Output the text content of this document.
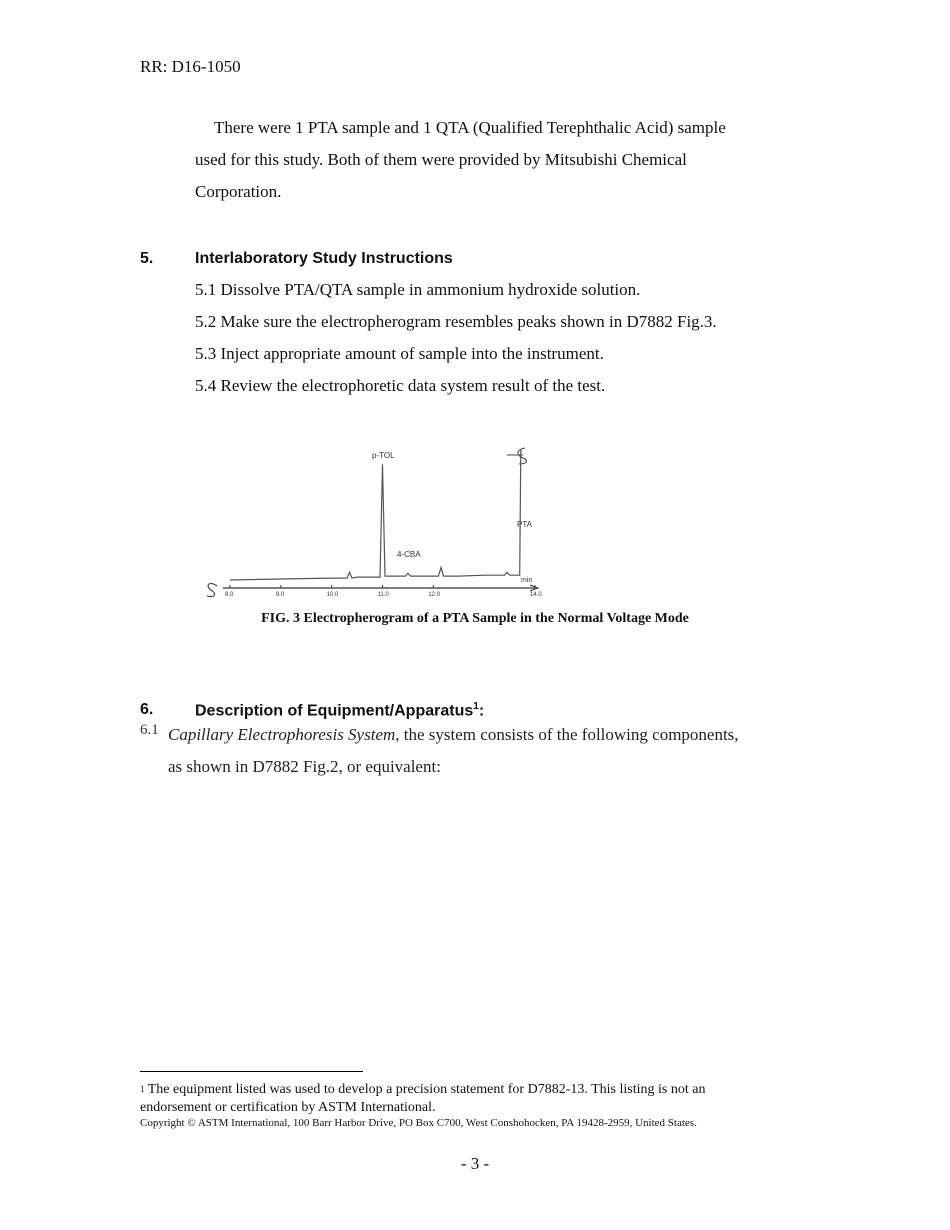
RR: D16-1050
There were 1 PTA sample and 1 QTA (Qualified Terephthalic Acid) sample
used for this study. Both of them were provided by Mitsubishi Chemical
Corporation.
5.	Interlaboratory Study Instructions
5.1 Dissolve PTA/QTA sample in ammonium hydroxide solution.
5.2 Make sure the electropherogram resembles peaks shown in D7882 Fig.3.
5.3 Inject appropriate amount of sample into the instrument.
5.4 Review the electrophoretic data system result of the test.
8.0	9.0	10.0	11.0	12.0	14.0
min
p-TOL
4-CBA
PTA
FIG. 3 Electropherogram of a PTA Sample in the Normal Voltage Mode
6.	Description of Equipment/Apparatus$^1$:
6.1 Capillary Electrophoresis System, the system consists of the following components,
as shown in D7882 Fig.2, or equivalent:
$^1$ The equipment listed was used to develop a precision statement for D7882-13. This listing is not an
endorsement or certification by ASTM International.
Copyright © ASTM International, 100 Barr Harbor Drive, PO Box C700, West Conshohocken, PA 19428-2959, United States.
- 3 -
